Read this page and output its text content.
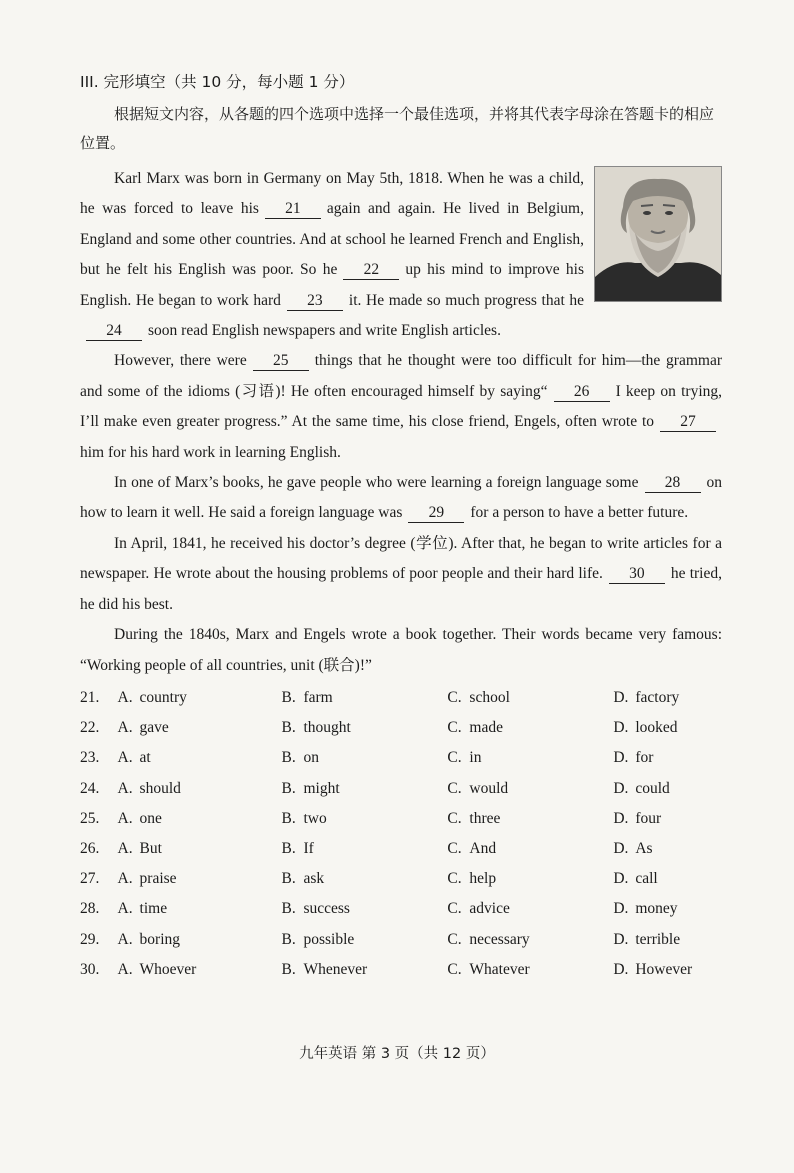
III. 完形填空（共 10 分，每小题 1 分）

根据短文内容，从各题的四个选项中选择一个最佳选项，并将其代表字母涂在答题卡的相应位置。

Karl Marx was born in Germany on May 5th, 1818. When he was a child, he was forced to leave his 21 again and again. He lived in Belgium, England and some other countries. And at school he learned French and English, but he felt his English was poor. So he 22 up his mind to improve his English. He began to work hard 23 it. He made so much progress that he24 soon read English newspapers and write English articles.

However, there were 25 things that he thought were too difficult for him—the grammar and some of the idioms (习语)! He often encouraged himself by saying“ 26 I keep on trying, I’ll make even greater progress.” At the same time, his close friend, Engels, often wrote to 27him for his hard work in learning English.

In one of Marx’s books, he gave people who were learning a foreign language some 28 on how to learn it well. He said a foreign language was 29 for a person to have a better future.

In April, 1841, he received his doctor’s degree (学位). After that, he began to write articles for a newspaper. He wrote about the housing problems of poor people and their hard life. 30 he tried, he did his best.

During the 1840s, Marx and Engels wrote a book together. Their words became very famous: “Working people of all countries, unit (联合)!”

21.	A. country	B. farm	C. school	D. factory
22.	A. gave	B. thought	C. made	D. looked
23.	A. at	B. on	C. in	D. for
24.	A. should	B. might	C. would	D. could
25.	A. one	B. two	C. three	D. four
26.	A. But	B. If	C. And	D. As
27.	A. praise	B. ask	C. help	D. call
28.	A. time	B. success	C. advice	D. money
29.	A. boring	B. possible	C. necessary	D. terrible
30.	A. Whoever	B. Whenever	C. Whatever	D. However
九年英语 第 3 页（共 12 页）
